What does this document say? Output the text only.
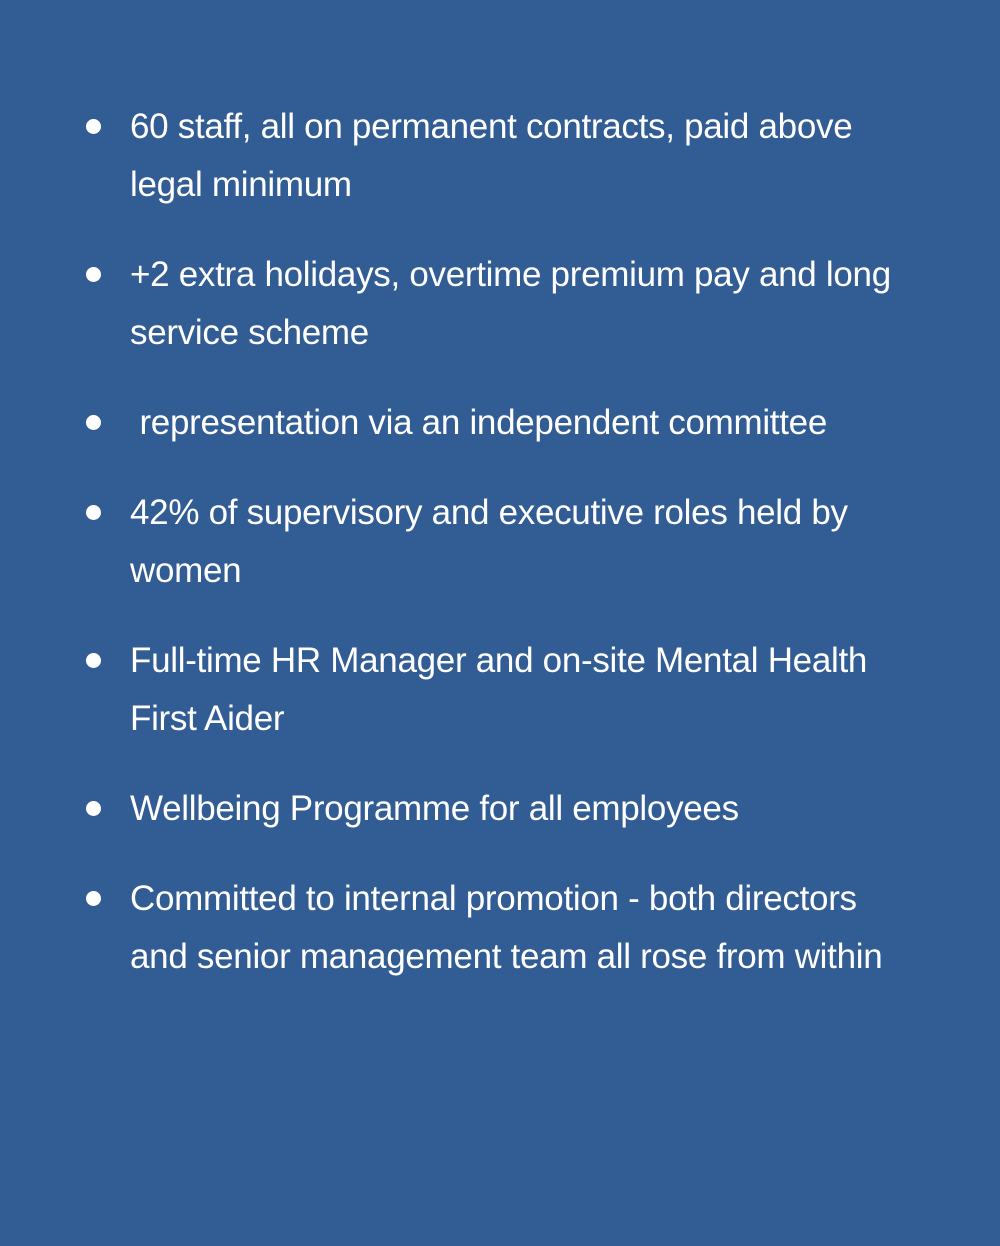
60 staff, all on permanent contracts, paid above legal minimum
+2 extra holidays, overtime premium pay and long service scheme
representation via an independent committee
42% of supervisory and executive roles held by women
Full-time HR Manager and on-site Mental Health First Aider
Wellbeing Programme for all employees
Committed to internal promotion - both directors and senior management team all rose from within
